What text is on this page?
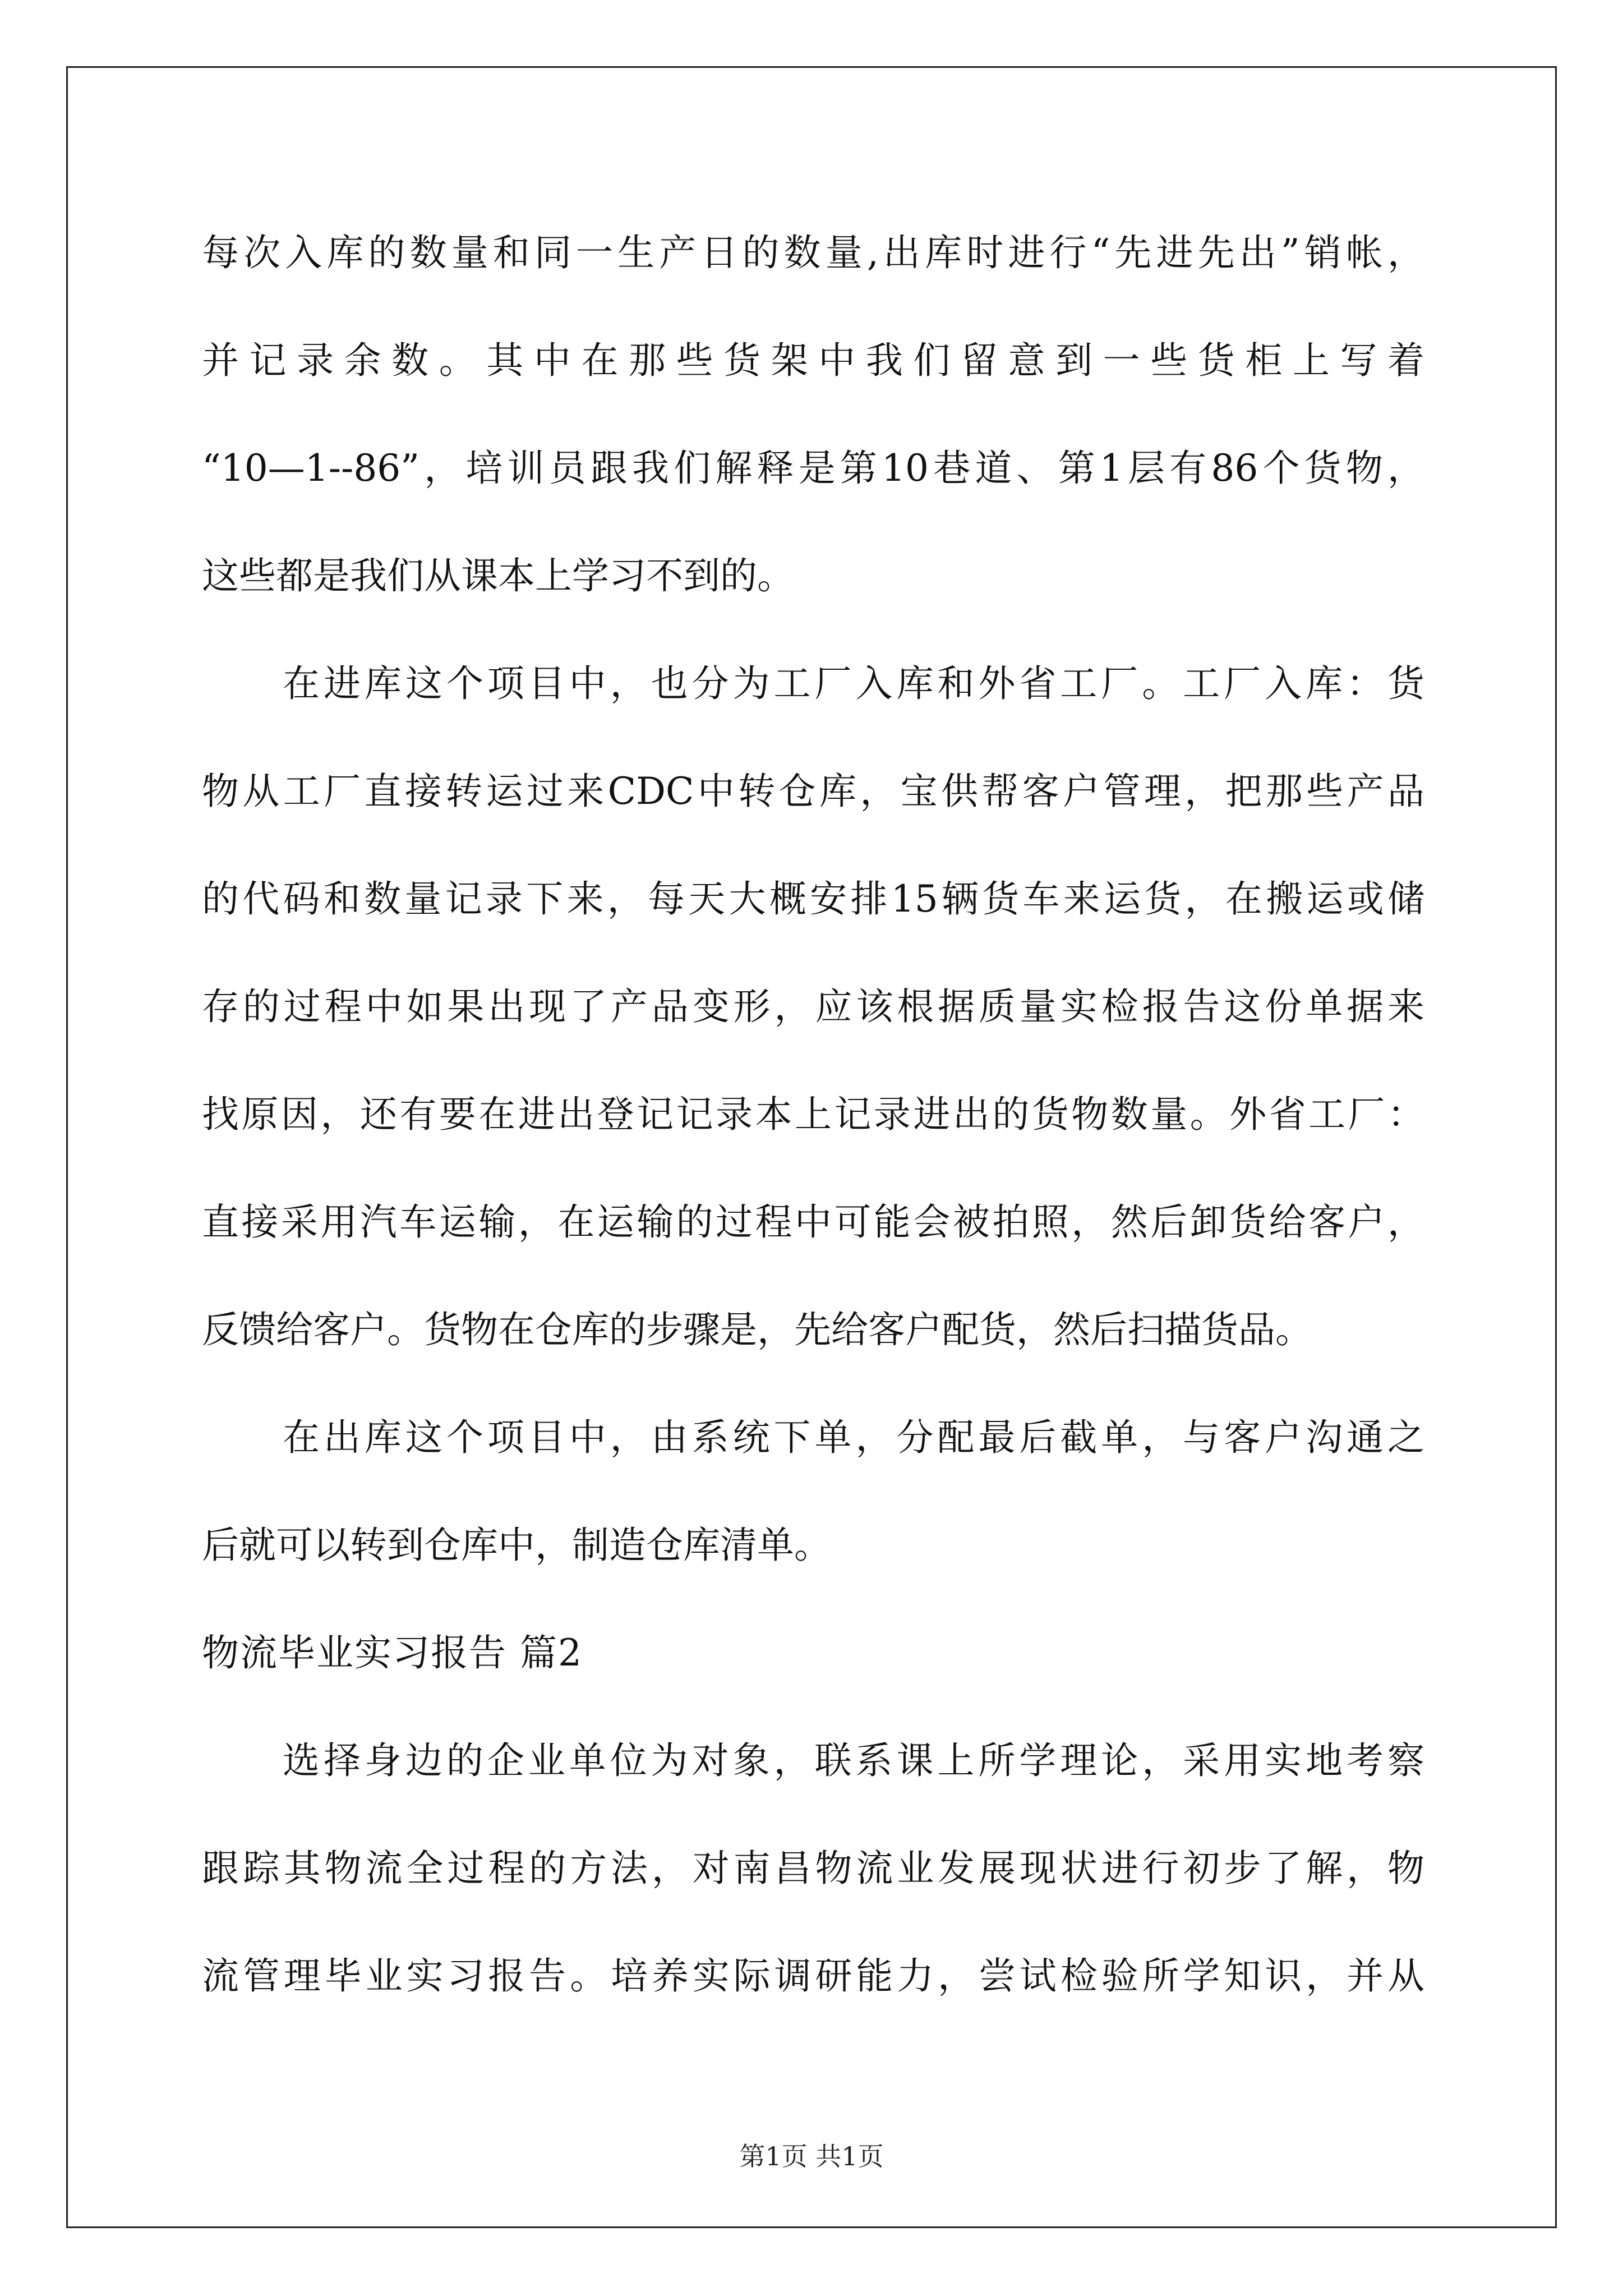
每次入库的数量和同一生产日的数量,出库时进行“先进先出”销帐，
并记录余数。其中在那些货架中我们留意到一些货柜上写着
“10—1--86”，培训员跟我们解释是第10巷道、第1层有86个货物，
这些都是我们从课本上学习不到的。
在进库这个项目中，也分为工厂入库和外省工厂。工厂入库：货
物从工厂直接转运过来CDC中转仓库，宝供帮客户管理，把那些产品
的代码和数量记录下来，每天大概安排15辆货车来运货，在搬运或储
存的过程中如果出现了产品变形，应该根据质量实检报告这份单据来
找原因，还有要在进出登记记录本上记录进出的货物数量。外省工厂：
直接采用汽车运输，在运输的过程中可能会被拍照，然后卸货给客户，
反馈给客户。货物在仓库的步骤是，先给客户配货，然后扫描货品。
在出库这个项目中，由系统下单，分配最后截单，与客户沟通之
后就可以转到仓库中，制造仓库清单。
物流毕业实习报告 篇2
选择身边的企业单位为对象，联系课上所学理论，采用实地考察
跟踪其物流全过程的方法，对南昌物流业发展现状进行初步了解，物
流管理毕业实习报告。培养实际调研能力，尝试检验所学知识，并从
第1页 共1页
